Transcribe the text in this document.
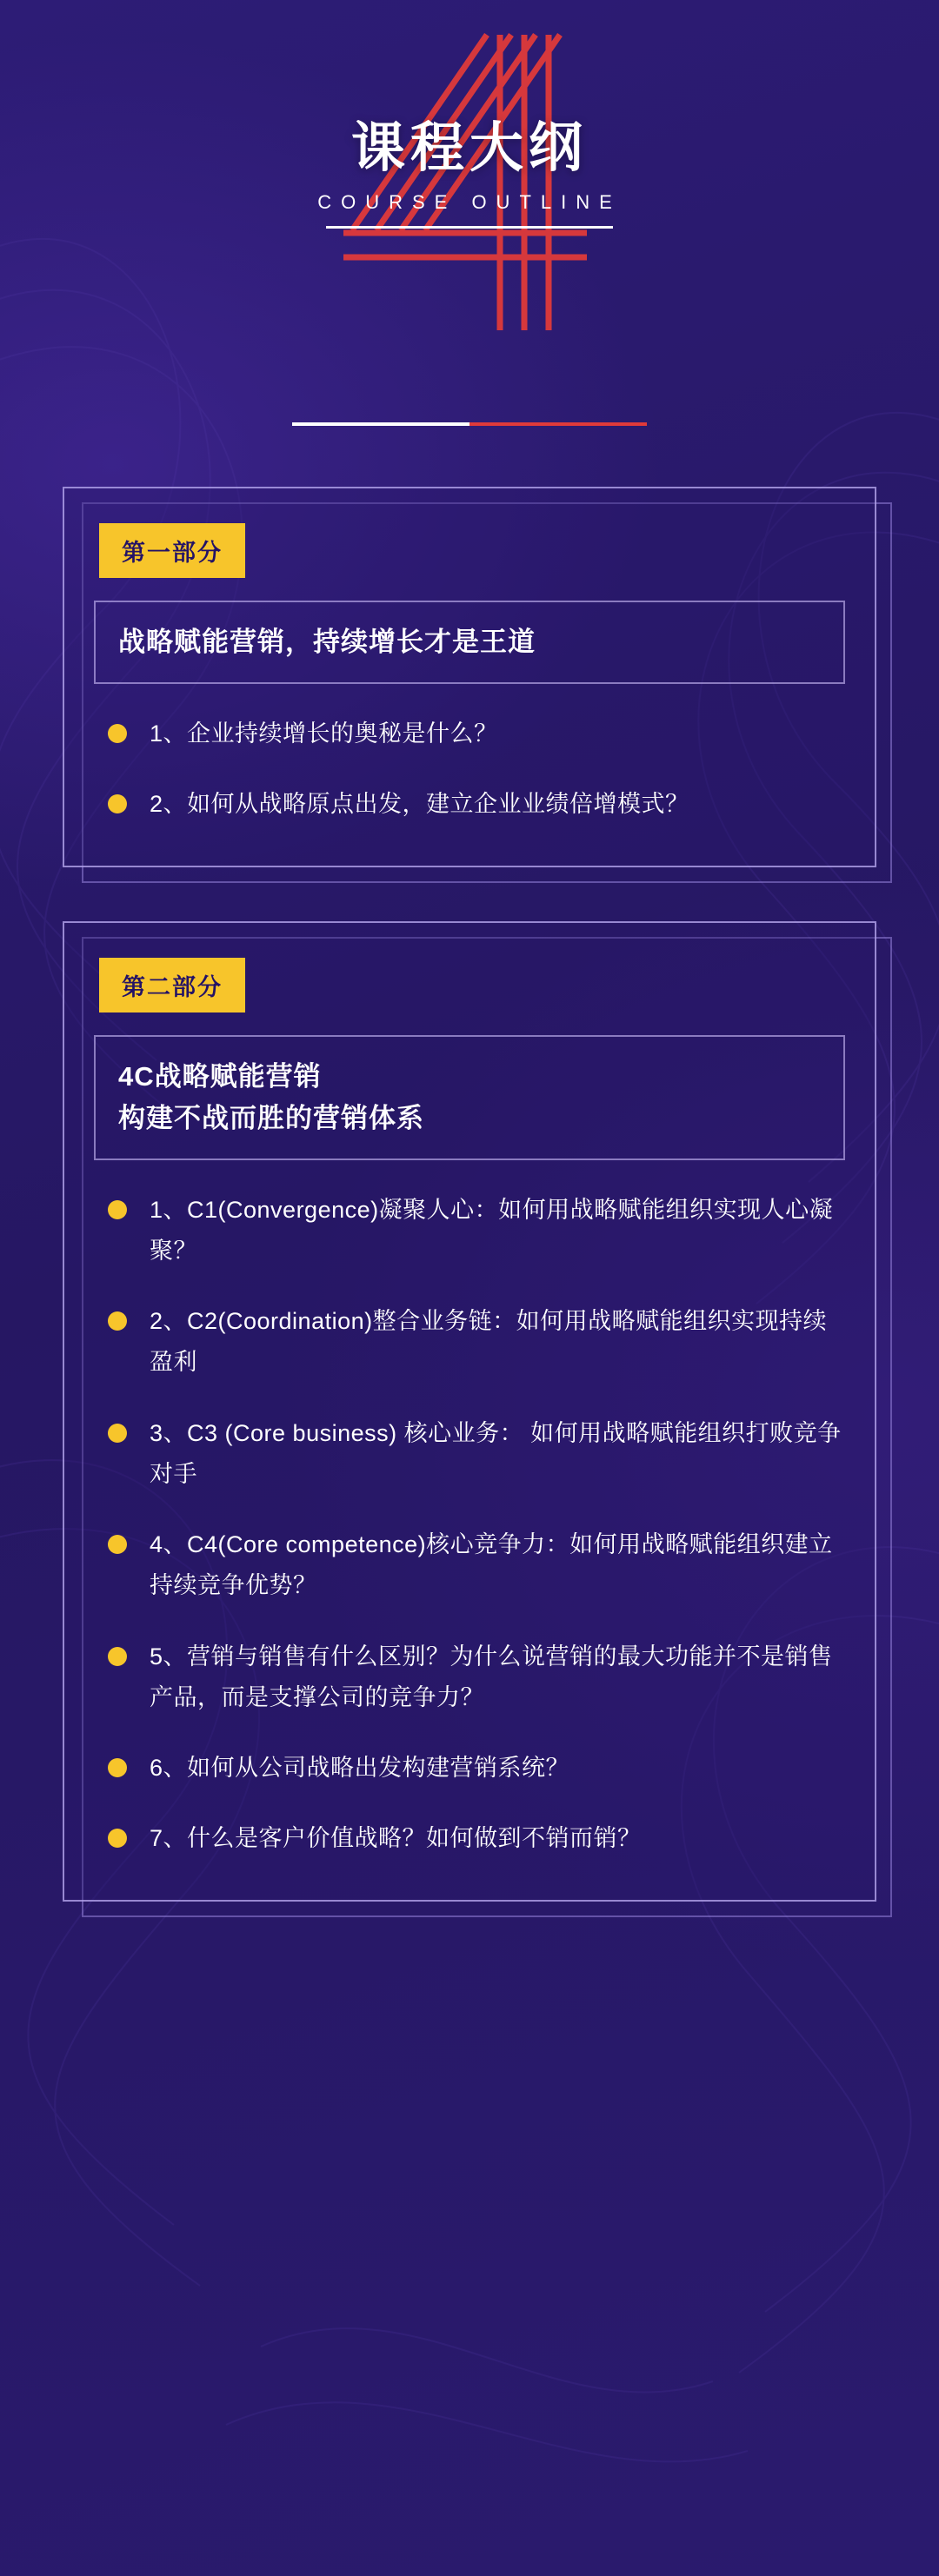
课程大纲
COURSE OUTLINE
第一部分
战略赋能营销，持续增长才是王道
1、企业持续增长的奥秘是什么？
2、如何从战略原点出发，建立企业业绩倍增模式？
第二部分
4C战略赋能营销
构建不战而胜的营销体系
1、C1(Convergence)凝聚人心：如何用战略赋能组织实现人心凝聚？
2、C2(Coordination)整合业务链：如何用战略赋能组织实现持续盈利
3、C3 (Core business) 核心业务： 如何用战略赋能组织打败竞争对手
4、C4(Core competence)核心竞争力：如何用战略赋能组织建立持续竞争优势？
5、营销与销售有什么区别？为什么说营销的最大功能并不是销售产品，而是支撑公司的竞争力？
6、如何从公司战略出发构建营销系统？
7、什么是客户价值战略？如何做到不销而销？
